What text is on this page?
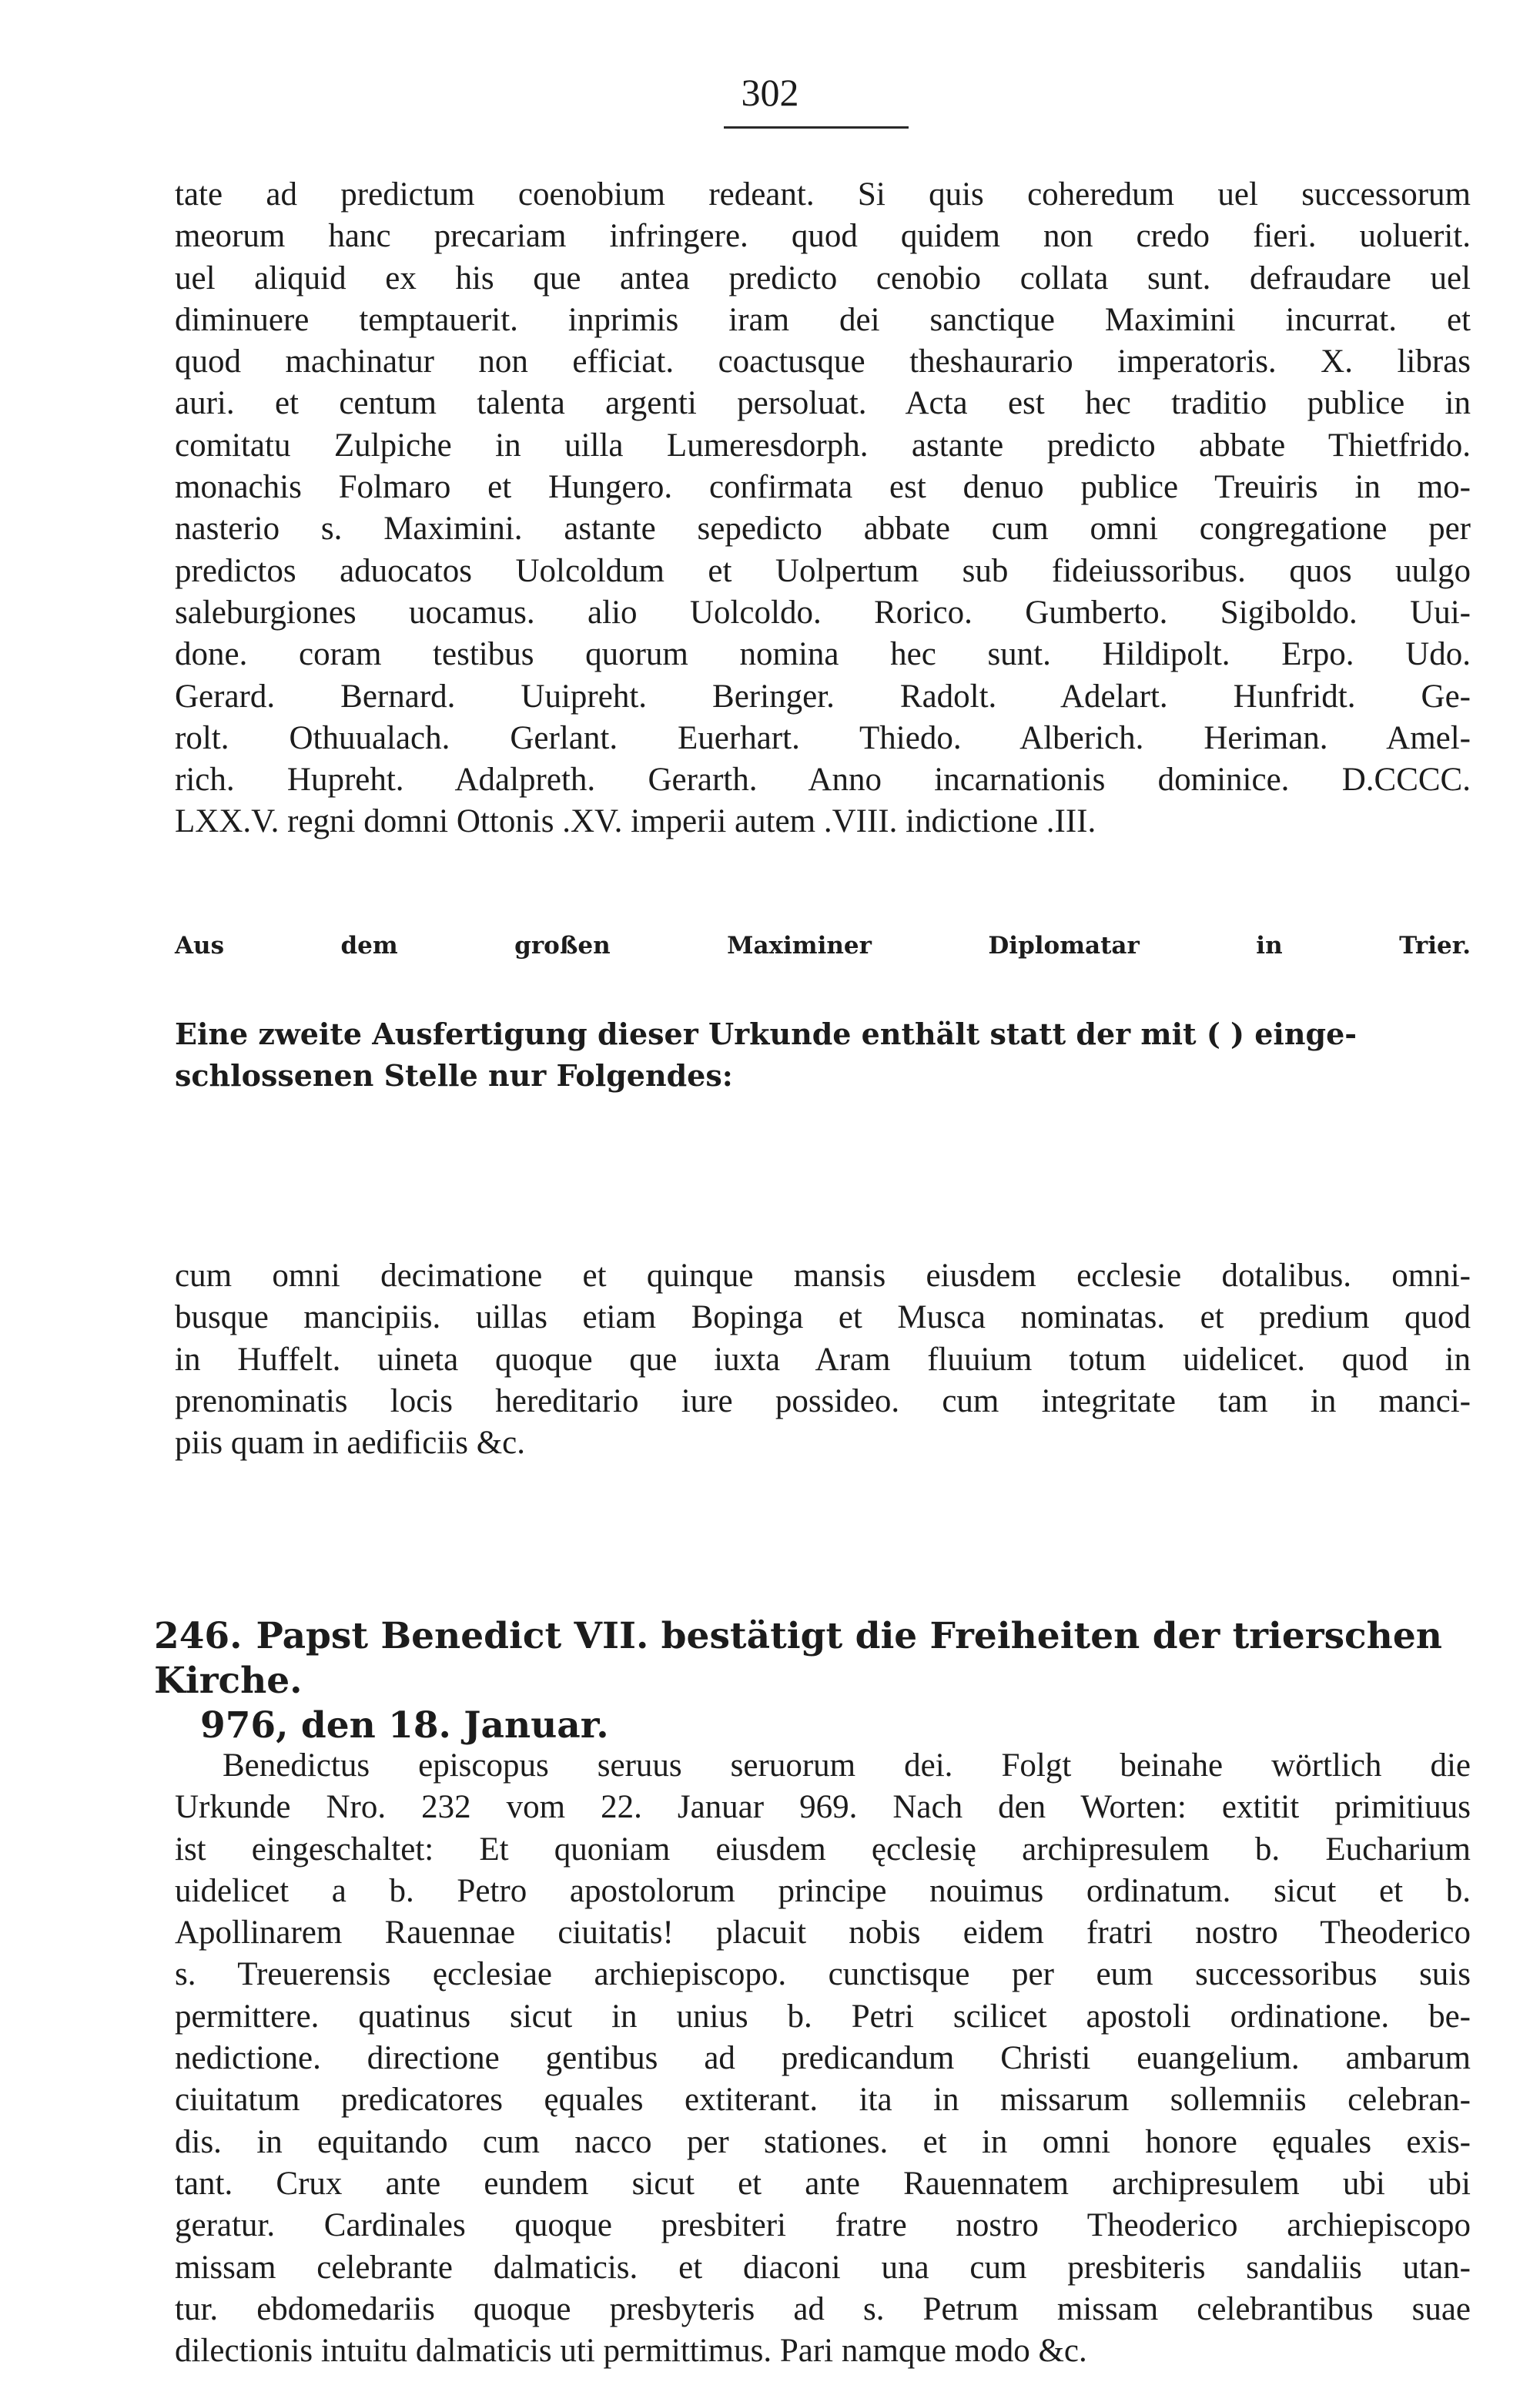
302
tate ad predictum coenobium redeant. Si quis coheredum uel successorum
meorum hanc precariam infringere. quod quidem non credo fieri. uoluerit.
uel aliquid ex his que antea predicto cenobio collata sunt. defraudare uel
diminuere temptauerit. inprimis iram dei sanctique Maximini incurrat. et
quod machinatur non efficiat. coactusque theshaurario imperatoris. X. libras
auri. et centum talenta argenti persoluat. Acta est hec traditio publice in
comitatu Zulpiche in uilla Lumeresdorph. astante predicto abbate Thietfrido.
monachis Folmaro et Hungero. confirmata est denuo publice Treuiris in mo-
nasterio s. Maximini. astante sepedicto abbate cum omni congregatione per
predictos aduocatos Uolcoldum et Uolpertum sub fideiussoribus. quos uulgo
saleburgiones uocamus. alio Uolcoldo. Rorico. Gumberto. Sigiboldo. Uui-
done. coram testibus quorum nomina hec sunt. Hildipolt. Erpo. Udo.
Gerard. Bernard. Uuipreht. Beringer. Radolt. Adelart. Hunfridt. Ge-
rolt. Othuualach. Gerlant. Euerhart. Thiedo. Alberich. Heriman. Amel-
rich. Hupreht. Adalpreth. Gerarth. Anno incarnationis dominice. D.CCCC.
LXX.V. regni domni Ottonis .XV. imperii autem .VIII. indictione .III.
Aus dem großen Maximiner Diplomatar in Trier.
Eine zweite Ausfertigung dieser Urkunde enthält statt der mit ( ) einge-
schlossenen Stelle nur Folgendes:
cum omni decimatione et quinque mansis eiusdem ecclesie dotalibus. omni-
busque mancipiis. uillas etiam Bopinga et Musca nominatas. et predium quod
in Huffelt. uineta quoque que iuxta Aram fluuium totum uidelicet. quod in
prenominatis locis hereditario iure possideo. cum integritate tam in manci-
piis quam in aedificiis &c.
246. Papst Benedict VII. bestätigt die Freiheiten der trierschen Kirche.
976, den 18. Januar.
Benedictus episcopus seruus seruorum dei. Folgt beinahe wörtlich die
Urkunde Nro. 232 vom 22. Januar 969. Nach den Worten: extitit primitiuus
ist eingeschaltet: Et quoniam eiusdem ęcclesię archipresulem b. Eucharium
uidelicet a b. Petro apostolorum principe nouimus ordinatum. sicut et b.
Apollinarem Rauennae ciuitatis! placuit nobis eidem fratri nostro Theoderico
s. Treuerensis ęcclesiae archiepiscopo. cunctisque per eum successoribus suis
permittere. quatinus sicut in unius b. Petri scilicet apostoli ordinatione. be-
nedictione. directione gentibus ad predicandum Christi euangelium. ambarum
ciuitatum predicatores ęquales extiterant. ita in missarum sollemniis celebran-
dis. in equitando cum nacco per stationes. et in omni honore ęquales exis-
tant. Crux ante eundem sicut et ante Rauennatem archipresulem ubi ubi
geratur. Cardinales quoque presbiteri fratre nostro Theoderico archiepiscopo
missam celebrante dalmaticis. et diaconi una cum presbiteris sandaliis utan-
tur. ebdomedariis quoque presbyteris ad s. Petrum missam celebrantibus suae
dilectionis intuitu dalmaticis uti permittimus. Pari namque modo &c.
